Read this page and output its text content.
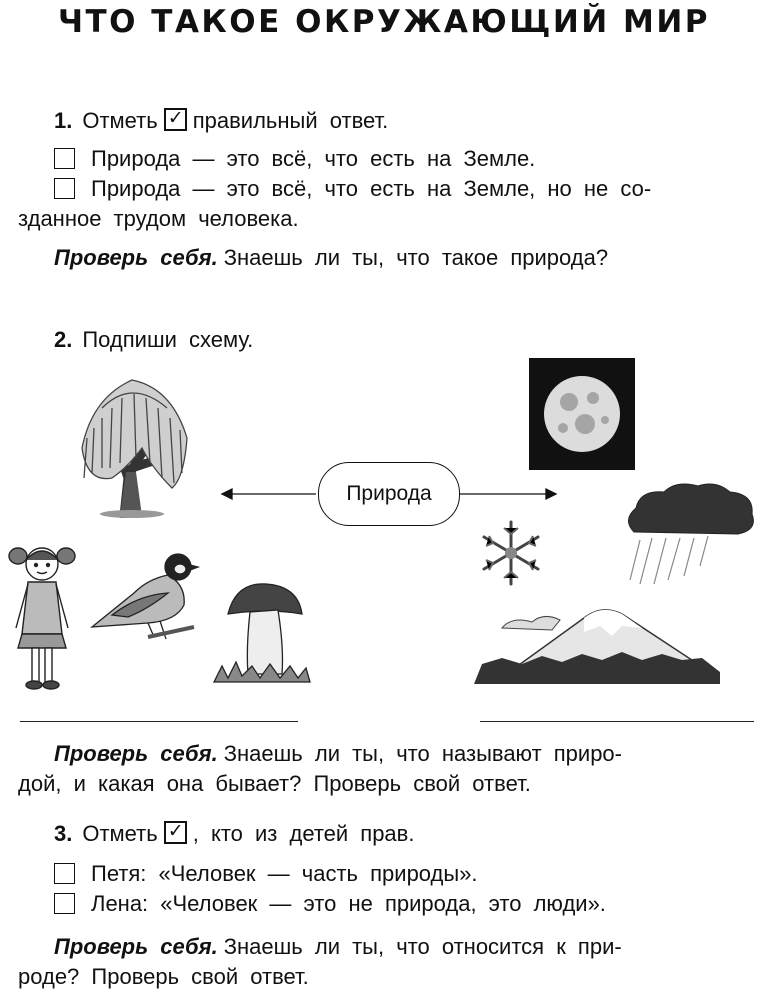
ЧТО ТАКОЕ ОКРУЖАЮЩИЙ МИР
1. Отметь ✓ правильный ответ.
Природа — это всё, что есть на Земле.
Природа — это всё, что есть на Земле, но не со-
зданное трудом человека.
Проверь себя. Знаешь ли ты, что такое природа?
2. Подпиши схему.
Природа
Проверь себя. Знаешь ли ты, что называют приро-
дой, и какая она бывает? Проверь свой ответ.
3. Отметь ✓ , кто из детей прав.
Петя: «Человек — часть природы».
Лена: «Человек — это не природа, это люди».
Проверь себя. Знаешь ли ты, что относится к при-
роде? Проверь свой ответ.
